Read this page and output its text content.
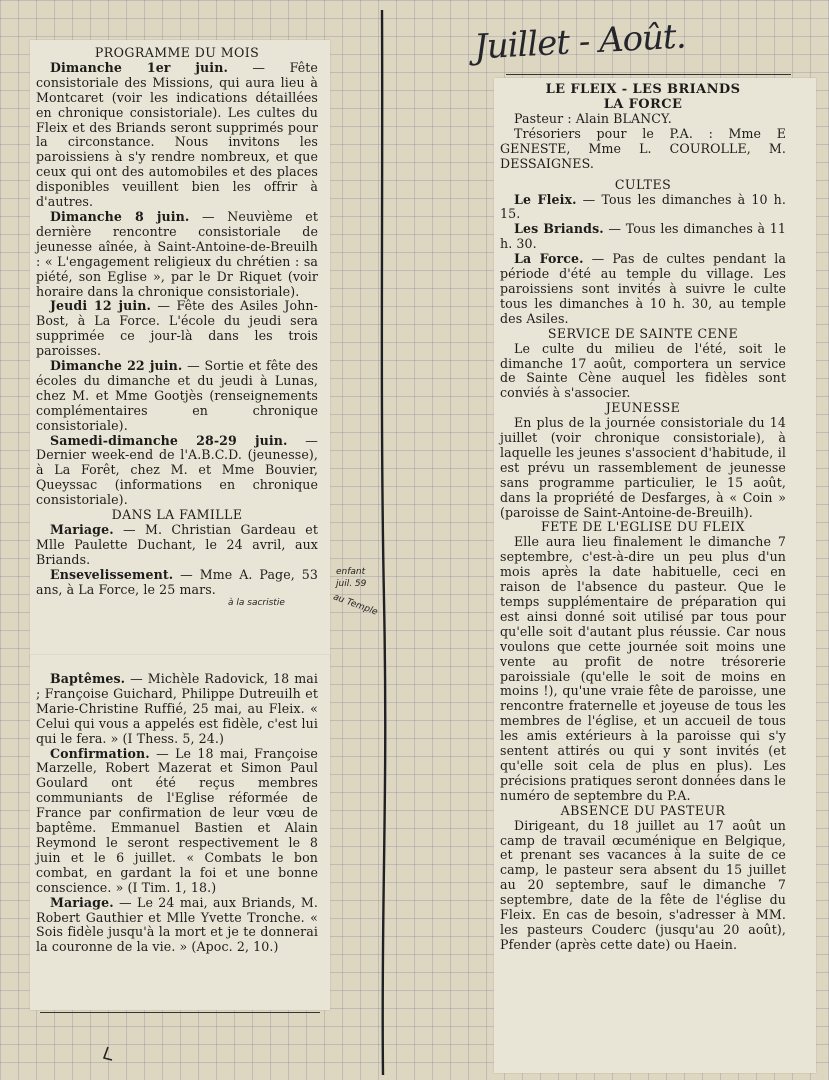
PROGRAMME DU MOIS

Dimanche 1er juin. — Fête consistoriale des Missions, qui aura lieu à Montcaret (voir les indications détaillées en chronique consistoriale). Les cultes du Fleix et des Briands seront supprimés pour la circonstance. Nous invitons les paroissiens à s'y rendre nombreux, et que ceux qui ont des automobiles et des places disponibles veuillent bien les offrir à d'autres.

Dimanche 8 juin. — Neuvième et dernière rencontre consistoriale de jeunesse aînée, à Saint-Antoine-de-Breuilh : « L'engagement religieux du chrétien : sa piété, son Eglise », par le Dr Riquet (voir horaire dans la chronique consistoriale).

Jeudi 12 juin. — Fête des Asiles John-Bost, à La Force. L'école du jeudi sera supprimée ce jour-là dans les trois paroisses.

Dimanche 22 juin. — Sortie et fête des écoles du dimanche et du jeudi à Lunas, chez M. et Mme Gootjès (renseignements complémentaires en chronique consistoriale).

Samedi-dimanche 28-29 juin. — Dernier week-end de l'A.B.C.D. (jeunesse), à La Forêt, chez M. et Mme Bouvier, Queyssac (informations en chronique consistoriale).

DANS LA FAMILLE

Mariage. — M. Christian Gardeau et Mlle Paulette Duchant, le 24 avril, aux Briands.

Ensevelissement. — Mme A. Page, 53 ans, à La Force, le 25 mars.

Baptêmes. — Michèle Radovick, 18 mai ; Françoise Guichard, Philippe Dutreuilh et Marie-Christine Ruffié, 25 mai, au Fleix. « Celui qui vous a appelés est fidèle, c'est lui qui le fera. » (I Thess. 5, 24.)

Confirmation. — Le 18 mai, Françoise Marzelle, Robert Mazerat et Simon Paul Goulard ont été reçus membres communiants de l'Eglise réformée de France par confirmation de leur vœu de baptême. Emmanuel Bastien et Alain Reymond le seront respectivement le 8 juin et le 6 juillet. « Combats le bon combat, en gardant la foi et une bonne conscience. » (I Tim. 1, 18.)

Mariage. — Le 24 mai, aux Briands, M. Robert Gauthier et Mlle Yvette Tronche. « Sois fidèle jusqu'à la mort et je te donnerai la couronne de la vie. » (Apoc. 2, 10.)

enfant juil. 59
au Temple
à la sacristie
Juillet - Août.
LE FLEIX - LES BRIANDS
LA FORCE

Pasteur : Alain BLANCY.

Trésoriers pour le P.A. : Mme E GENESTE, Mme L. COUROLLE, M. DESSAIGNES.

CULTES

Le Fleix. — Tous les dimanches à 10 h. 15.

Les Briands. — Tous les dimanches à 11 h. 30.

La Force. — Pas de cultes pendant la période d'été au temple du village. Les paroissiens sont invités à suivre le culte tous les dimanches à 10 h. 30, au temple des Asiles.

SERVICE DE SAINTE CENE

Le culte du milieu de l'été, soit le dimanche 17 août, comportera un service de Sainte Cène auquel les fidèles sont conviés à s'associer.

JEUNESSE

En plus de la journée consistoriale du 14 juillet (voir chronique consistoriale), à laquelle les jeunes s'associent d'habitude, il est prévu un rassemblement de jeunesse sans programme particulier, le 15 août, dans la propriété de Desfarges, à « Coin » (paroisse de Saint-Antoine-de-Breuilh).

FETE DE L'EGLISE DU FLEIX

Elle aura lieu finalement le dimanche 7 septembre, c'est-à-dire un peu plus d'un mois après la date habituelle, ceci en raison de l'absence du pasteur. Que le temps supplémentaire de préparation qui est ainsi donné soit utilisé par tous pour qu'elle soit d'autant plus réussie. Car nous voulons que cette journée soit moins une vente au profit de notre trésorerie paroissiale (qu'elle le soit de moins en moins !), qu'une vraie fête de paroisse, une rencontre fraternelle et joyeuse de tous les membres de l'église, et un accueil de tous les amis extérieurs à la paroisse qui s'y sentent attirés ou qui y sont invités (et qu'elle soit cela de plus en plus). Les précisions pratiques seront données dans le numéro de septembre du P.A.

ABSENCE DU PASTEUR

Dirigeant, du 18 juillet au 17 août un camp de travail œcuménique en Belgique, et prenant ses vacances à la suite de ce camp, le pasteur sera absent du 15 juillet au 20 septembre, sauf le dimanche 7 septembre, date de la fête de l'église du Fleix. En cas de besoin, s'adresser à MM. les pasteurs Couderc (jusqu'au 20 août), Pfender (après cette date) ou Haein.
